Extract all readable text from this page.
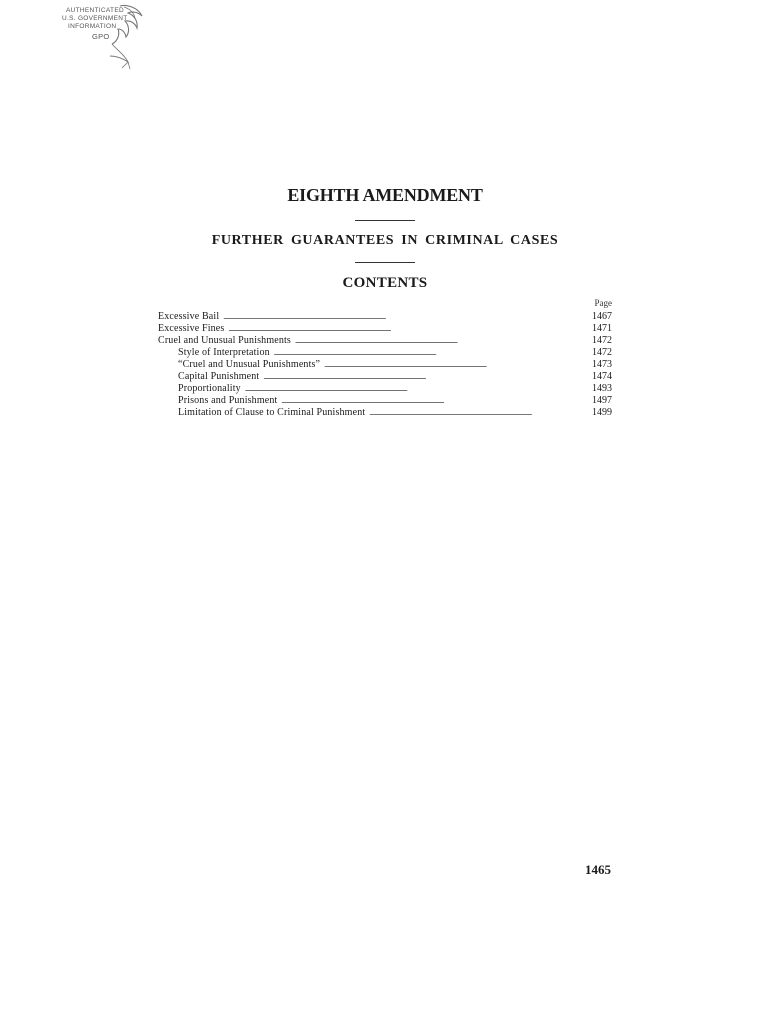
AUTHENTICATED
U.S. GOVERNMENT
INFORMATION
GPO
EIGHTH AMENDMENT
FURTHER GUARANTEES IN CRIMINAL CASES
CONTENTS
Page
Excessive Bail . . .	1467
Excessive Fines . . .	1471
Cruel and Unusual Punishments . . .	1472
Style of Interpretation . . .	1472
“Cruel and Unusual Punishments” . . .	1473
Capital Punishment . . .	1474
Proportionality . . .	1493
Prisons and Punishment . . .	1497
Limitation of Clause to Criminal Punishment . . .	1499
1465
